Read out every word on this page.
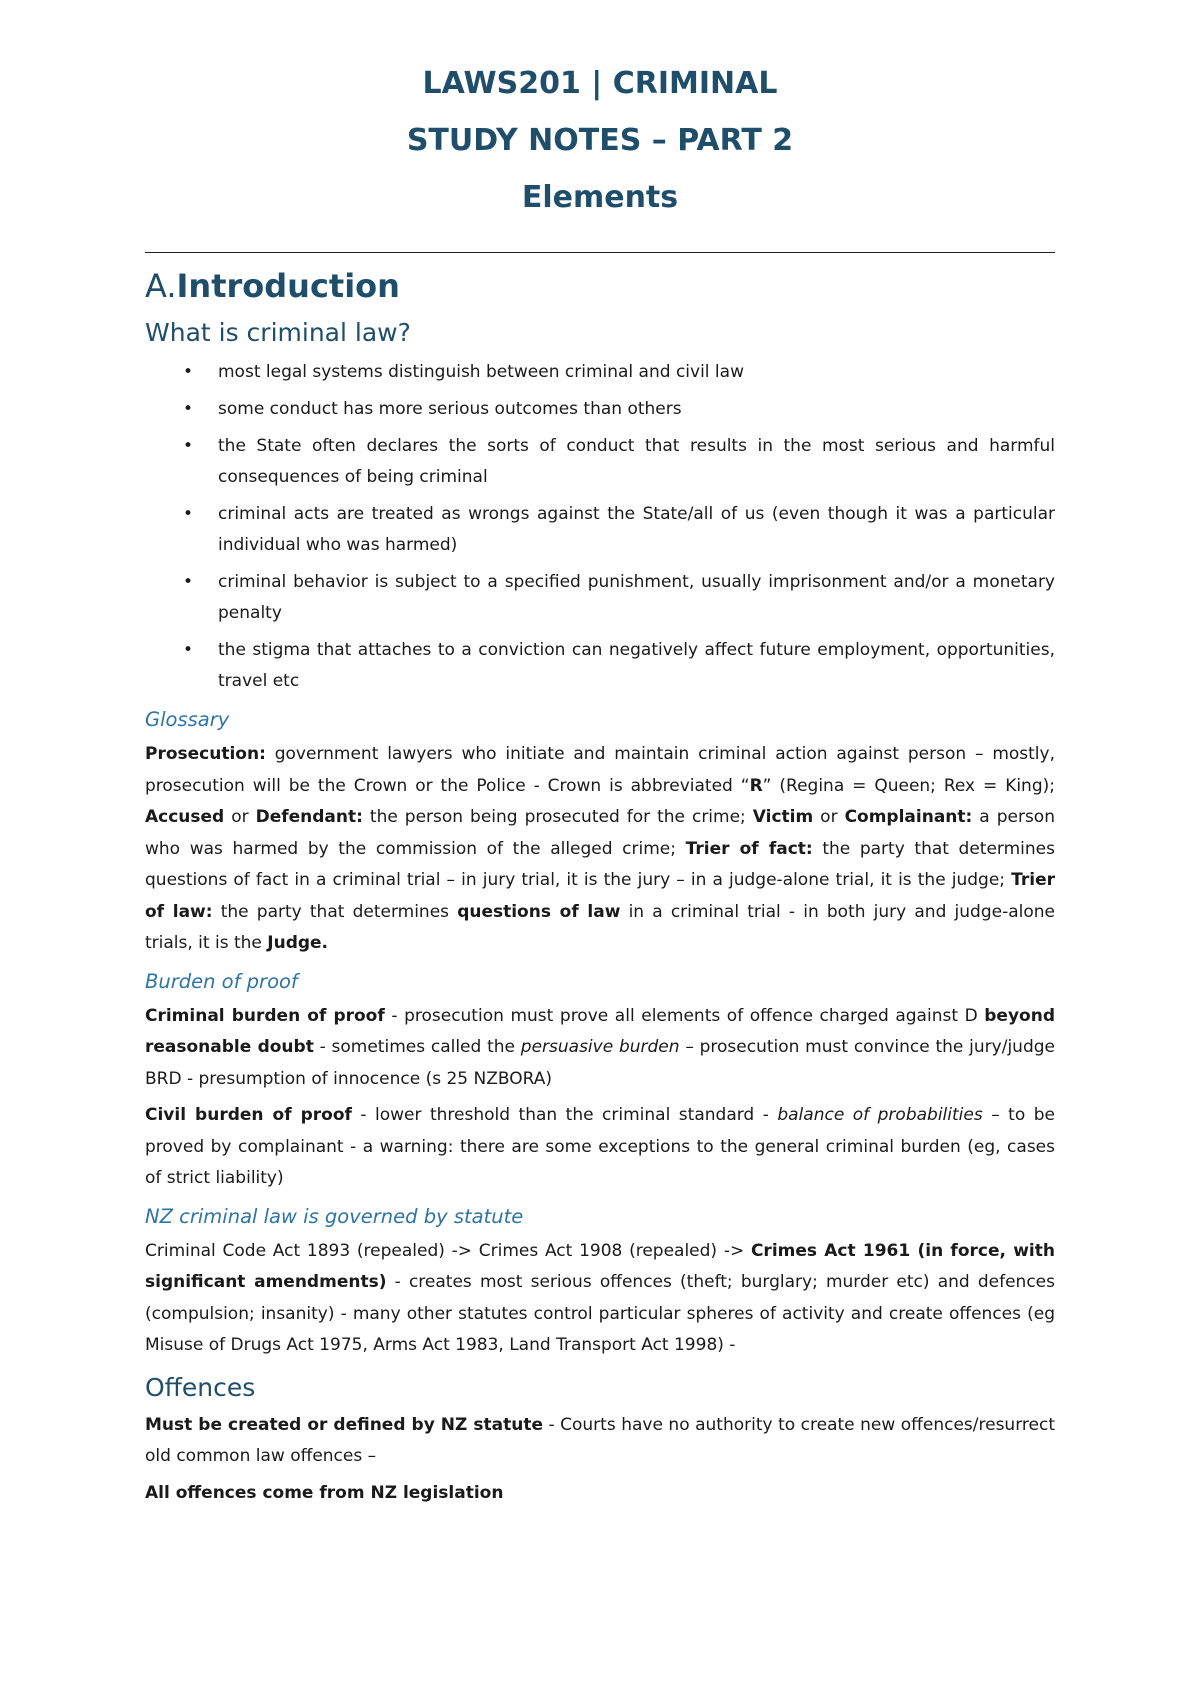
LAWS201 | CRIMINAL
STUDY NOTES – PART 2
Elements
A.Introduction
What is criminal law?
• most legal systems distinguish between criminal and civil law
• some conduct has more serious outcomes than others
• the State often declares the sorts of conduct that results in the most serious and harmful consequences of being criminal
• criminal acts are treated as wrongs against the State/all of us (even though it was a particular individual who was harmed)
• criminal behavior is subject to a specified punishment, usually imprisonment and/or a monetary penalty
• the stigma that attaches to a conviction can negatively affect future employment, opportunities, travel etc
Glossary

Prosecution: government lawyers who initiate and maintain criminal action against person – mostly, prosecution will be the Crown or the Police - Crown is abbreviated “R” (Regina = Queen; Rex = King); Accused or Defendant: the person being prosecuted for the crime; Victim or Complainant: a person who was harmed by the commission of the alleged crime; Trier of fact: the party that determines questions of fact in a criminal trial – in jury trial, it is the jury – in a judge-alone trial, it is the judge; Trier of law: the party that determines questions of law in a criminal trial - in both jury and judge-alone trials, it is the Judge.

Burden of proof

Criminal burden of proof - prosecution must prove all elements of offence charged against D beyond reasonable doubt - sometimes called the persuasive burden – prosecution must convince the jury/judge BRD - presumption of innocence (s 25 NZBORA)

Civil burden of proof - lower threshold than the criminal standard - balance of probabilities – to be proved by complainant - a warning: there are some exceptions to the general criminal burden (eg, cases of strict liability)

NZ criminal law is governed by statute

Criminal Code Act 1893 (repealed) -> Crimes Act 1908 (repealed) -> Crimes Act 1961 (in force, with significant amendments) - creates most serious offences (theft; burglary; murder etc) and defences (compulsion; insanity) - many other statutes control particular spheres of activity and create offences (eg Misuse of Drugs Act 1975, Arms Act 1983, Land Transport Act 1998) -

Offences

Must be created or defined by NZ statute - Courts have no authority to create new offences/resurrect old common law offences –

All offences come from NZ legislation
